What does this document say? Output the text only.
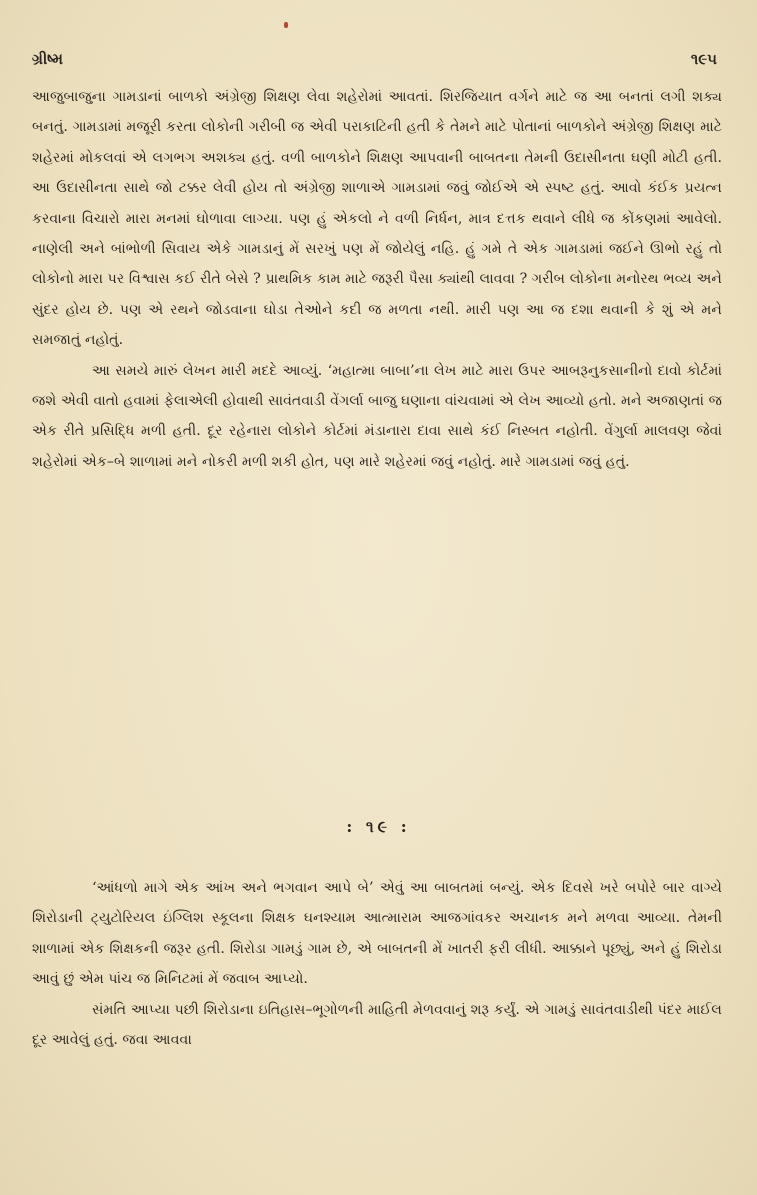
ગ્રીષ્મ	૧૯૫

આજુબાજુના ગામડાનાં બાળકો અંગ્રેજી શિક્ષણ લેવા શહેરોમાં આવતાં. શિરજિયાત વર્ગને માટે જ આ બનતાં લગી શક્ય બનતું. ગામડામાં મજૂરી કરતા લોકોની ગરીબી જ એવી પરાકાટિની હતી કે તેમને માટે પોતાનાં બાળકોને અંગ્રેજી શિક્ષણ માટે શહેરમાં મોકલવાં એ લગભગ અશક્ય હતું. વળી બાળકોને શિક્ષણ આપવાની બાબતના તેમની ઉદાસીનતા ઘણી મોટી હતી. આ ઉદાસીનતા સાથે જો ટક્કર લેવી હોય તો અંગ્રેજી શાળાએ ગામડામાં જવું જોઈએ એ સ્પષ્ટ હતું. આવો કંઈક પ્રયત્ન કરવાના વિચારો મારા મનમાં ઘોળાવા લાગ્યા. પણ હું એકલો ને વળી નિર્ધન, માત્ર દત્તક થવાને લીધે જ કોંકણમાં આવેલો. નાણેલી અને બાંભોળી સિવાય એકે ગામડાનું મેં સરખું પણ મેં જોયેલું નહિ. હું ગમે તે એક ગામડામાં જઈને ઊભો રહું તો લોકોનો મારા પર વિશ્વાસ કઈ રીતે બેસે ? પ્રાથમિક કામ માટે જરૂરી પૈસા ક્યાંથી લાવવા ? ગરીબ લોકોના મનોરથ ભવ્ય અને સુંદર હોય છે. પણ એ રથને જોડવાના ઘોડા તેઓને કદી જ મળતા નથી. મારી પણ આ જ દશા થવાની કે શું એ મને સમજાતું નહોતું.

આ સમયે મારું લેખન મારી મદદે આવ્યું. ‘મહાત્મા બાબા’ના લેખ માટે મારા ઉપર આબરૂનુકસાનીનો દાવો કોર્ટમાં જશે એવી વાતો હવામાં ફેલાએલી હોવાથી સાવંતવાડી વેંગર્લા બાજુ ઘણાના વાંચવામાં એ લેખ આવ્યો હતો. મને અજાણતાં જ એક રીતે પ્રસિદ્ધિ મળી હતી. દૂર રહેનારા લોકોને કોર્ટમાં મંડાનારા દાવા સાથે કંઈ નિસ્બત નહોતી. વેંગુર્લા માલવણ જેવાં શહેરોમાં એક–બે શાળામાં મને નોકરી મળી શકી હોત, પણ મારે શહેરમાં જવું નહોતું. મારે ગામડામાં જવું હતું.

: ૧૯ :

‘આંધળો માગે એક આંખ અને ભગવાન આપે બે’ એવું આ બાબતમાં બન્યું. એક દિવસે ખરે બપોરે બાર વાગ્યે શિરોડાની ટ્યુટોરિયલ ઇંગ્લિશ સ્કૂલના શિક્ષક ઘનશ્યામ આત્મારામ આજગાંવકર અચાનક મને મળવા આવ્યા. તેમની શાળામાં એક શિક્ષકની જરૂર હતી. શિરોડા ગામડું ગામ છે, એ બાબતની મેં ખાતરી ફરી લીધી. આક્કાને પૂછ્યું, અને હું શિરોડા આવું છું એમ પાંચ જ મિનિટમાં મેં જવાબ આપ્યો.

સંમતિ આપ્યા પછી શિરોડાના ઇતિહાસ–ભૂગોળની માહિતી મેળવવાનું શરૂ કર્યું. એ ગામડું સાવંતવાડીથી પંદર માઈલ દૂર આવેલું હતું. જવા આવવા
